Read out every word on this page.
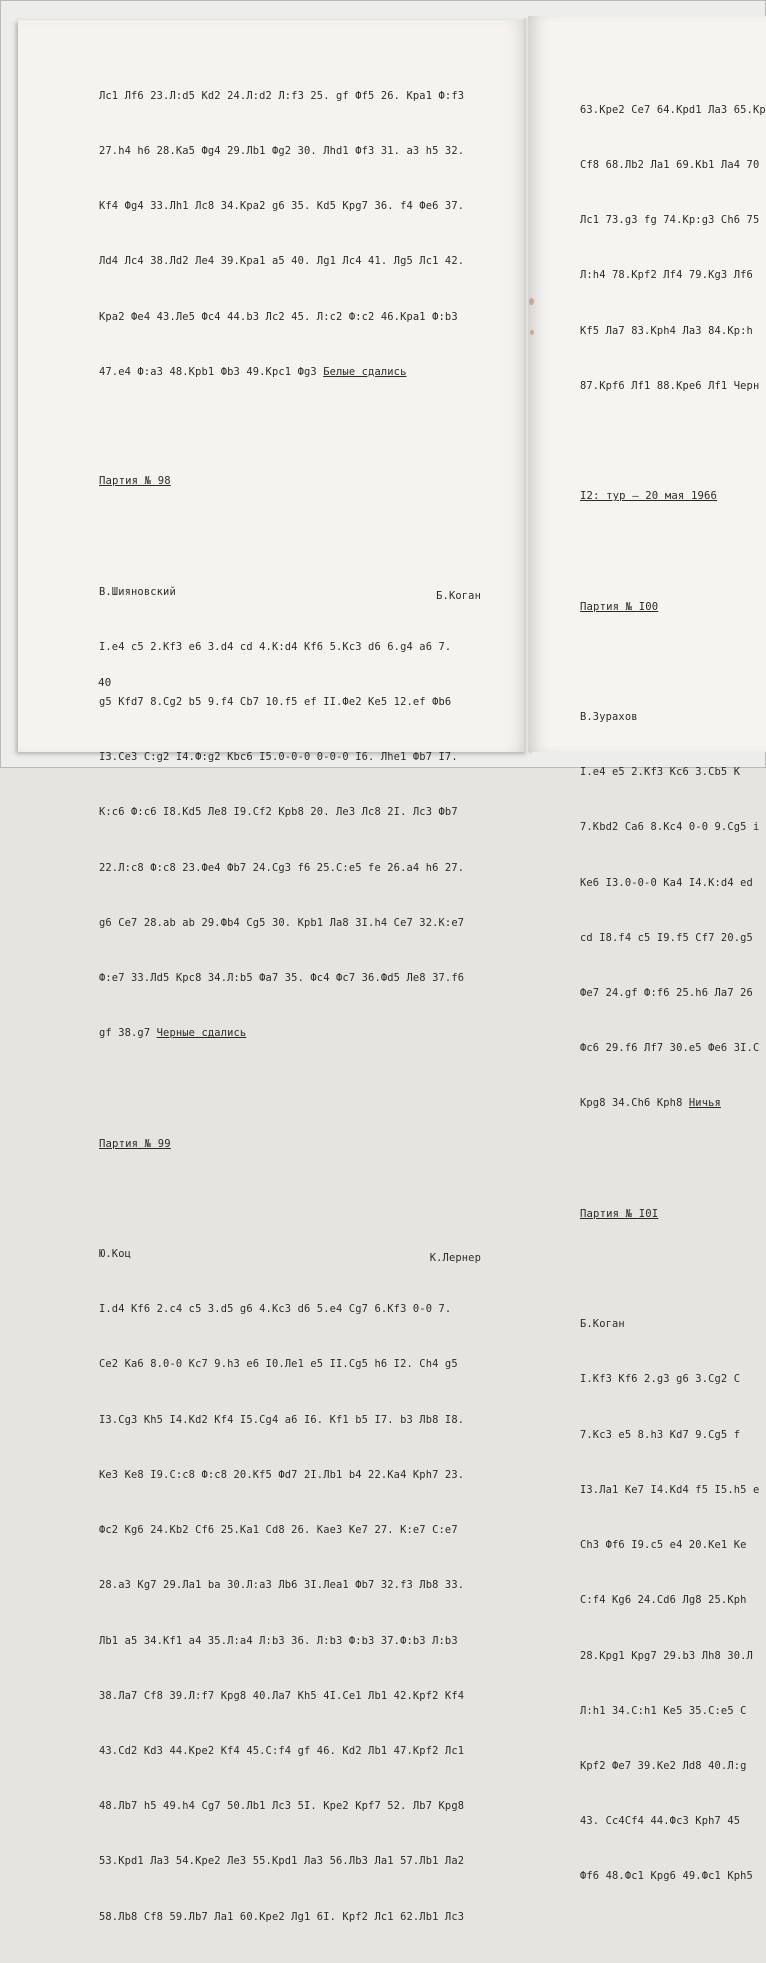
Лс1 Лf6 23.Л:d5 Kd2 24.Л:d2 Л:f3 25. gf Фf5 26. Kpa1 Ф:f3

27.h4 h6 28.Ka5 Фg4 29.Лb1 Фg2 30. Лhd1 Фf3 31. a3 h5 32.

Kf4 Фg4 33.Лh1 Лc8 34.Kpa2 g6 35. Kd5 Kpg7 36. f4 Фe6 37.

Лd4 Лc4 38.Лd2 Лe4 39.Kpa1 a5 40. Лg1 Лc4 41. Лg5 Лc1 42.

Kpa2 Фe4 43.Лe5 Фc4 44.b3 Лc2 45. Л:c2 Ф:c2 46.Kpa1 Ф:b3

47.e4 Ф:a3 48.Kpb1 Фb3 49.Kpc1 Фg3 Белые сдались

Партия № 98

В.Шияновский	Б.Коган

I.e4 c5 2.Kf3 e6 3.d4 cd 4.K:d4 Kf6 5.Kc3 d6 6.g4 a6 7.

g5 Kfd7 8.Cg2 b5 9.f4 Cb7 10.f5 ef II.Фe2 Ke5 12.ef Фb6

I3.Ce3 C:g2 I4.Ф:g2 Kbc6 I5.0-0-0 0-0-0 I6. Лhe1 Фb7 I7.

K:c6 Ф:c6 I8.Kd5 Лe8 I9.Cf2 Kpb8 20. Лe3 Лc8 2I. Лc3 Фb7

22.Л:c8 Ф:c8 23.Фe4 Фb7 24.Cg3 f6 25.C:e5 fe 26.a4 h6 27.

g6 Ce7 28.ab ab 29.Фb4 Cg5 30. Kpb1 Лa8 3I.h4 Ce7 32.K:e7

Ф:e7 33.Лd5 Kpc8 34.Л:b5 Фa7 35. Фc4 Фc7 36.Фd5 Лe8 37.f6

gf 38.g7 Черные сдались

Партия № 99

Ю.Коц	К.Лернер

I.d4 Kf6 2.c4 c5 3.d5 g6 4.Kc3 d6 5.e4 Cg7 6.Kf3 0-0 7.

Ce2 Ka6 8.0-0 Kc7 9.h3 e6 I0.Лe1 e5 II.Cg5 h6 I2. Ch4 g5

I3.Cg3 Kh5 I4.Kd2 Kf4 I5.Cg4 a6 I6. Kf1 b5 I7. b3 Лb8 I8.

Ke3 Ke8 I9.C:c8 Ф:c8 20.Kf5 Фd7 2I.Лb1 b4 22.Ka4 Kph7 23.

Фc2 Kg6 24.Kb2 Cf6 25.Ka1 Cd8 26. Kae3 Ke7 27. K:e7 C:e7

28.a3 Kg7 29.Лa1 ba 30.Л:a3 Лb6 3I.Лea1 Фb7 32.f3 Лb8 33.

Лb1 a5 34.Kf1 a4 35.Л:a4 Л:b3 36. Л:b3 Ф:b3 37.Ф:b3 Л:b3

38.Лa7 Cf8 39.Л:f7 Kpg8 40.Лa7 Kh5 4I.Ce1 Лb1 42.Kpf2 Kf4

43.Cd2 Kd3 44.Kpe2 Kf4 45.C:f4 gf 46. Kd2 Лb1 47.Kpf2 Лc1

48.Лb7 h5 49.h4 Cg7 50.Лb1 Лc3 5I. Kpe2 Kpf7 52. Лb7 Kpg8

53.Kpd1 Лa3 54.Kpe2 Лe3 55.Kpd1 Лa3 56.Лb3 Лa1 57.Лb1 Лa2

58.Лb8 Cf8 59.Лb7 Лa1 60.Kpe2 Лg1 6I. Kpf2 Лc1 62.Лb1 Лc3

40

63.Kpe2 Ce7 64.Kpd1 Лa3 65.Kp

Cf8 68.Лb2 Лa1 69.Kb1 Лa4 70

Лc1 73.g3 fg 74.Kp:g3 Ch6 75

Л:h4 78.Kpf2 Лf4 79.Kg3 Лf6

Kf5 Лa7 83.Kph4 Лa3 84.Kp:h

87.Kpf6 Лf1 88.Kpe6 Лf1 Черн

I2: тур – 20 мая 1966

Партия № I00

В.Зурахов

I.e4 e5 2.Kf3 Kc6 3.Cb5 K

7.Kbd2 Ca6 8.Kc4 0-0 9.Cg5 i

Ke6 I3.0-0-0 Ka4 I4.K:d4 ed

cd I8.f4 c5 I9.f5 Cf7 20.g5

Фe7 24.gf Ф:f6 25.h6 Лa7 26

Фc6 29.f6 Лf7 30.e5 Фe6 3I.C

Kpg8 34.Ch6 Kph8 Ничья

Партия № I0I

Б.Коган

I.Kf3 Kf6 2.g3 g6 3.Cg2 C

7.Kc3 e5 8.h3 Kd7 9.Cg5 f

I3.Лa1 Ke7 I4.Kd4 f5 I5.h5 e

Ch3 Фf6 I9.c5 e4 20.Ke1 Ke

C:f4 Kg6 24.Cd6 Лg8 25.Kph

28.Kpg1 Kpg7 29.b3 Лh8 30.Л

Л:h1 34.C:h1 Ke5 35.C:e5 C

Kpf2 Фe7 39.Ke2 Лd8 40.Л:g

43. Cc4Cf4 44.Фc3 Kph7 45

Фf6 48.Фc1 Kpg6 49.Фc1 Kph5
